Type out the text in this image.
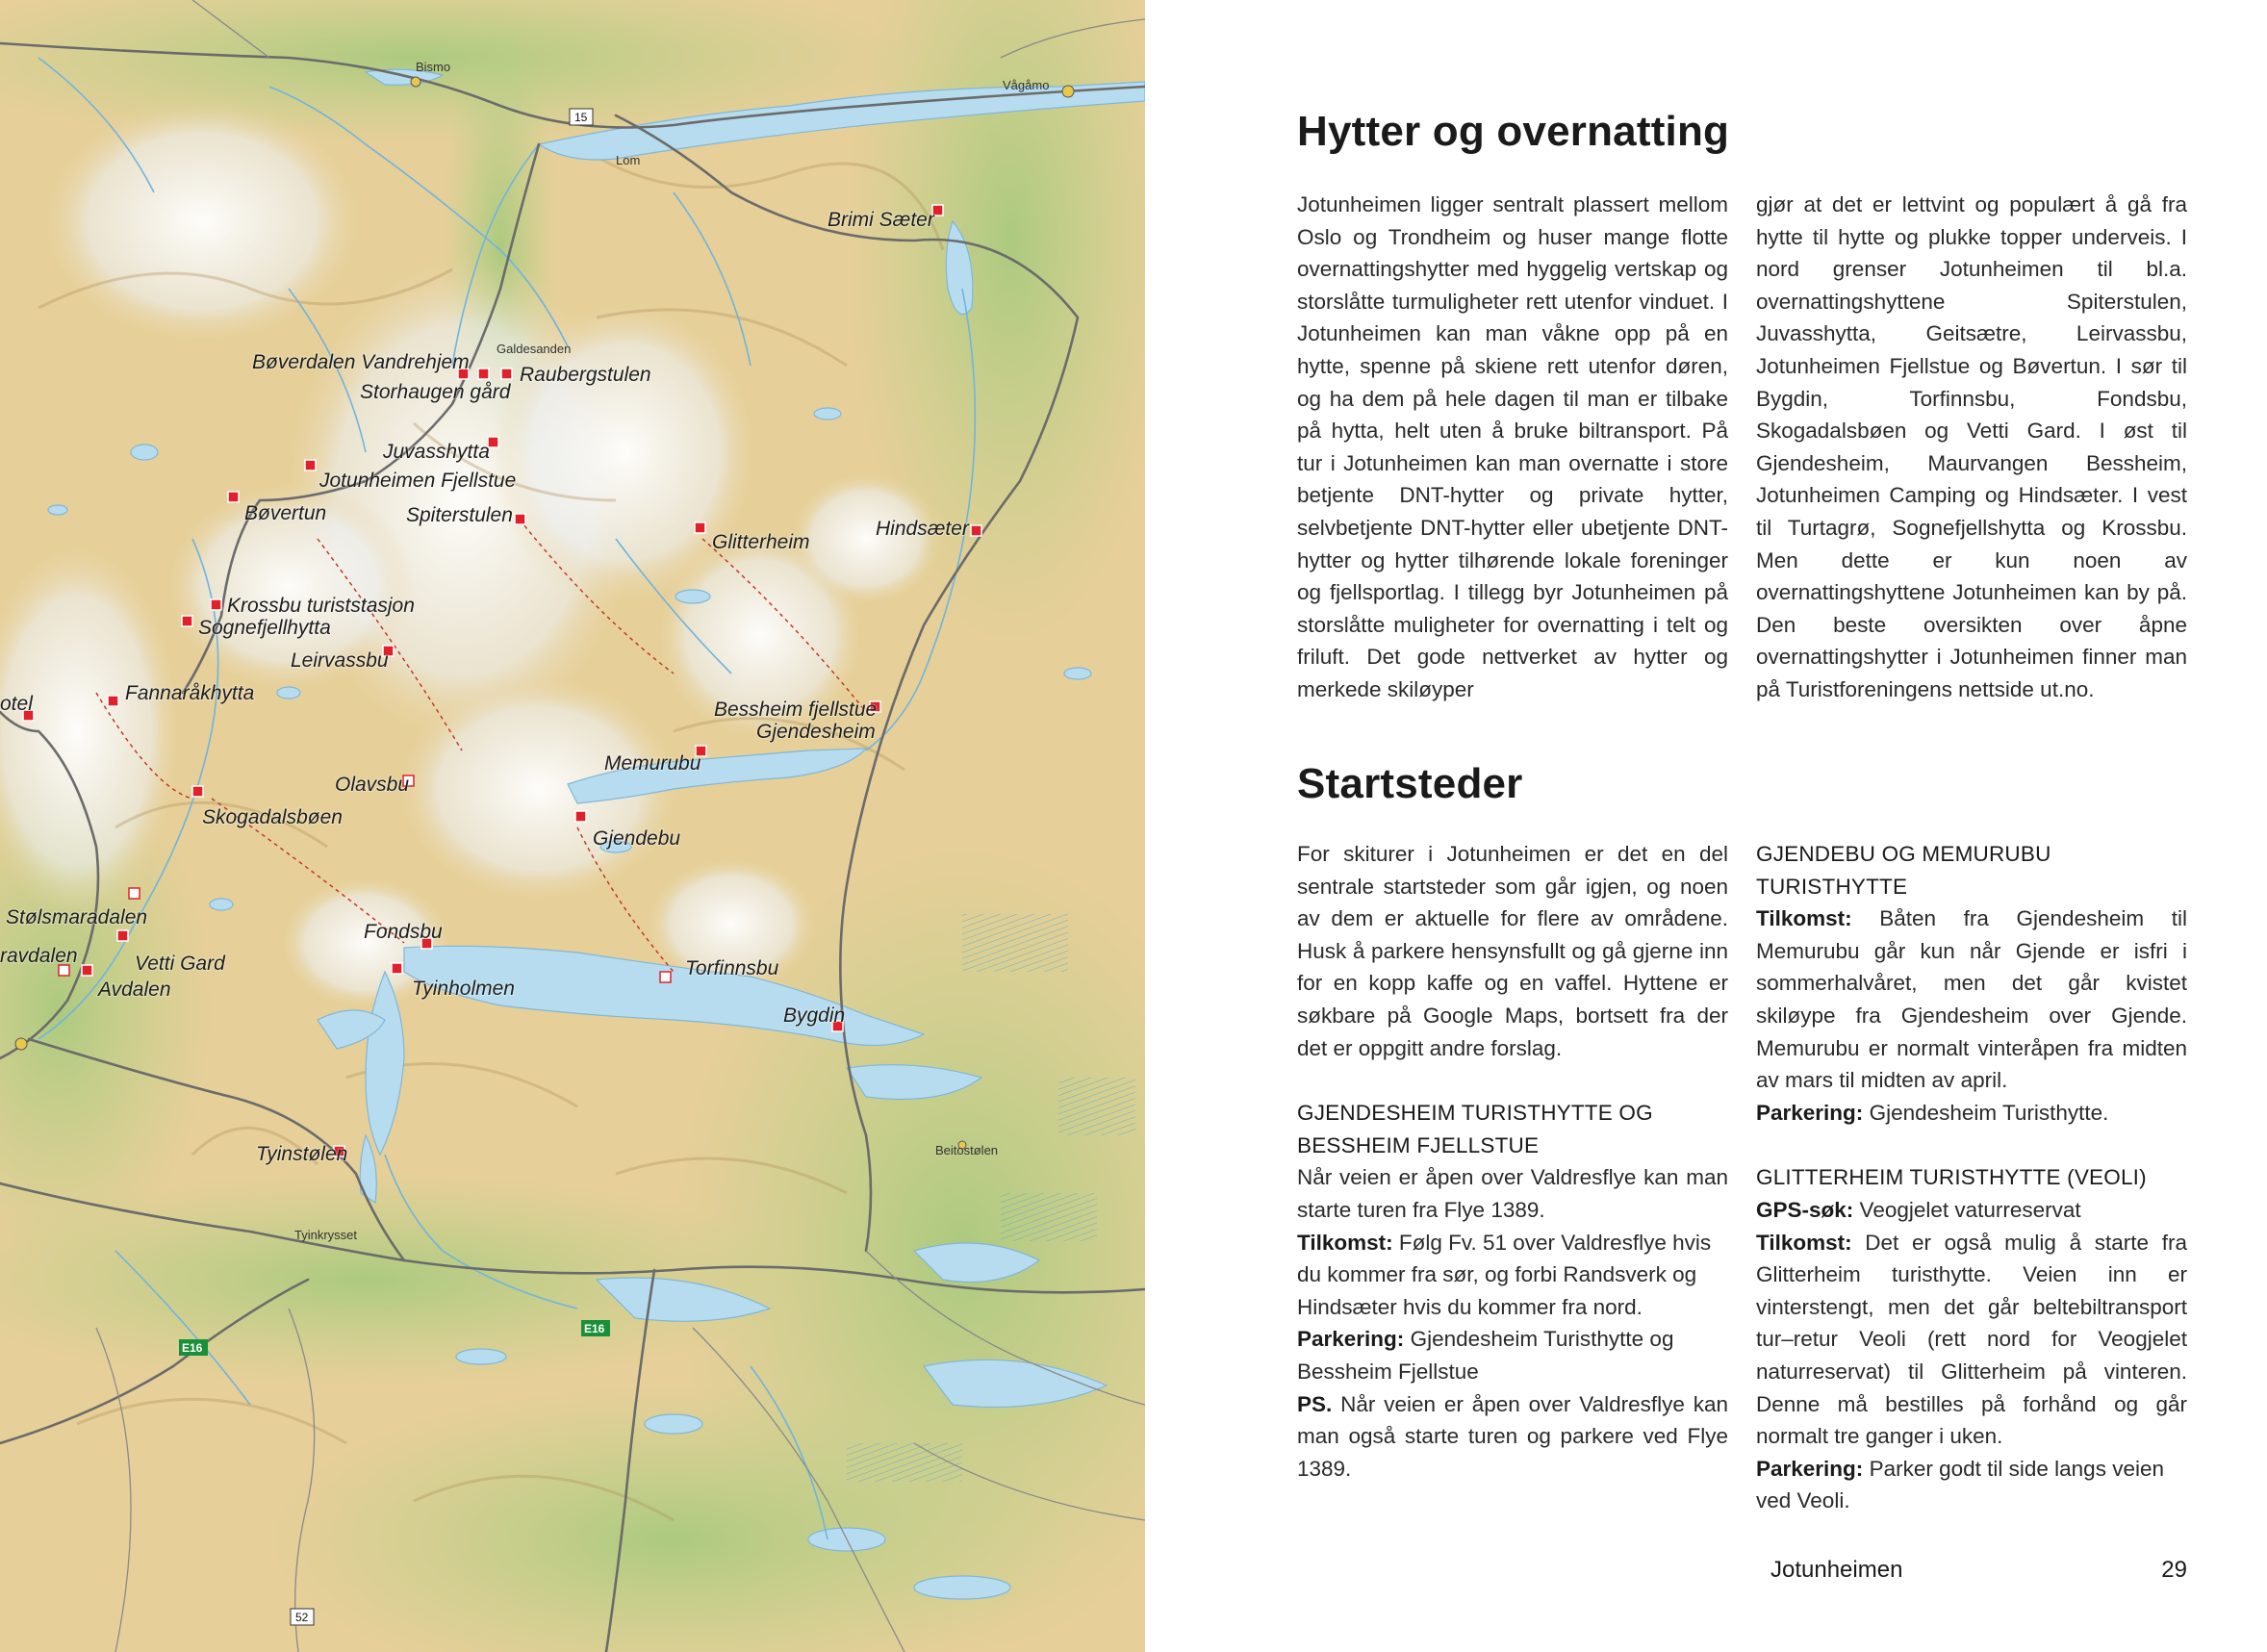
15
E16
E16
52
Bismo
Vågåmo
Lom
Galdesanden
Beitostølen
Tyinkrysset
Bøverdalen Vandrehjem
Storhaugen gård
Raubergstulen
Juvasshytta
Jotunheimen Fjellstue
Bøvertun	Spiterstulen
Krossbu turiststasjon
Sognefjellhytta
Leirvassbu
Fannaråkhytta
otel
Brimi Sæter
Glitterheim
Hindsæter
Bessheim fjellstue
Gjendesheim
Memurubu
Olavsbu
Skogadalsbøen
Gjendebu
Stølsmaradalen
ravdalen	Vetti Gard
Avdalen
Fondsbu
Tyinholmen
Torfinnsbu
Bygdin
Tyinstølen
Hytter og overnatting

Jotunheimen ligger sentralt plassert mellom Oslo og Trondheim og huser mange flotte overnattingshytter med hyggelig vertskap og storslåtte turmuligheter rett utenfor vinduet. I Jotunheimen kan man våkne opp på en hytte, spenne på skiene rett utenfor døren, og ha dem på hele dagen til man er tilbake på hytta, helt uten å bruke biltransport. På tur i Jotunheimen kan man overnatte i store betjente DNT-hytter og private hytter, selvbetjente DNT-hytter eller ubetjente DNT-hytter og hytter tilhørende lokale foreninger og fjellsportlag. I tillegg byr Jotunheimen på storslåtte muligheter for overnatting i telt og friluft. Det gode nettverket av hytter og merkede skiløyper

gjør at det er lettvint og populært å gå fra hytte til hytte og plukke topper underveis. I nord grenser Jotunheimen til bl.a. overnattingshyttene Spiterstulen, Juvasshytta, Geitsætre, Leirvassbu, Jotunheimen Fjellstue og Bøvertun. I sør til Bygdin, Torfinnsbu, Fondsbu, Skogadalsbøen og Vetti Gard. I øst til Gjendesheim, Maurvangen Bessheim, Jotunheimen Camping og Hindsæter. I vest til Turtagrø, Sognefjellshytta og Krossbu. Men dette er kun noen av overnattingshyttene Jotunheimen kan by på. Den beste oversikten over åpne overnattingshytter i Jotunheimen finner man på Turistforeningens nettside ut.no.

Startsteder

For skiturer i Jotunheimen er det en del sentrale startsteder som går igjen, og noen av dem er aktuelle for flere av områdene. Husk å parkere hensynsfullt og gå gjerne inn for en kopp kaffe og en vaffel. Hyttene er søkbare på Google Maps, bortsett fra der det er oppgitt andre forslag.

GJENDESHEIM TURISTHYTTE OG BESSHEIM FJELLSTUE

Når veien er åpen over Valdresflye kan man starte turen fra Flye 1389.

Tilkomst: Følg Fv. 51 over Valdresflye hvis du kommer fra sør, og forbi Randsverk og Hindsæter hvis du kommer fra nord.

Parkering: Gjendesheim Turisthytte og Bessheim Fjellstue

PS. Når veien er åpen over Valdresflye kan man også starte turen og parkere ved Flye 1389.

GJENDEBU OG MEMURUBU TURISTHYTTE

Tilkomst: Båten fra Gjendesheim til Memurubu går kun når Gjende er isfri i sommerhalvåret, men det går kvistet skiløype fra Gjendesheim over Gjende. Memurubu er normalt vinteråpen fra midten av mars til midten av april.

Parkering: Gjendesheim Turisthytte.

GLITTERHEIM TURISTHYTTE (VEOLI)

GPS-søk: Veogjelet vaturreservat

Tilkomst: Det er også mulig å starte fra Glitterheim turisthytte. Veien inn er vinterstengt, men det går beltebiltransport tur–retur Veoli (rett nord for Veogjelet naturreservat) til Glitterheim på vinteren. Denne må bestilles på forhånd og går normalt tre ganger i uken.

Parkering: Parker godt til side langs veien ved Veoli.

Jotunheimen	29
